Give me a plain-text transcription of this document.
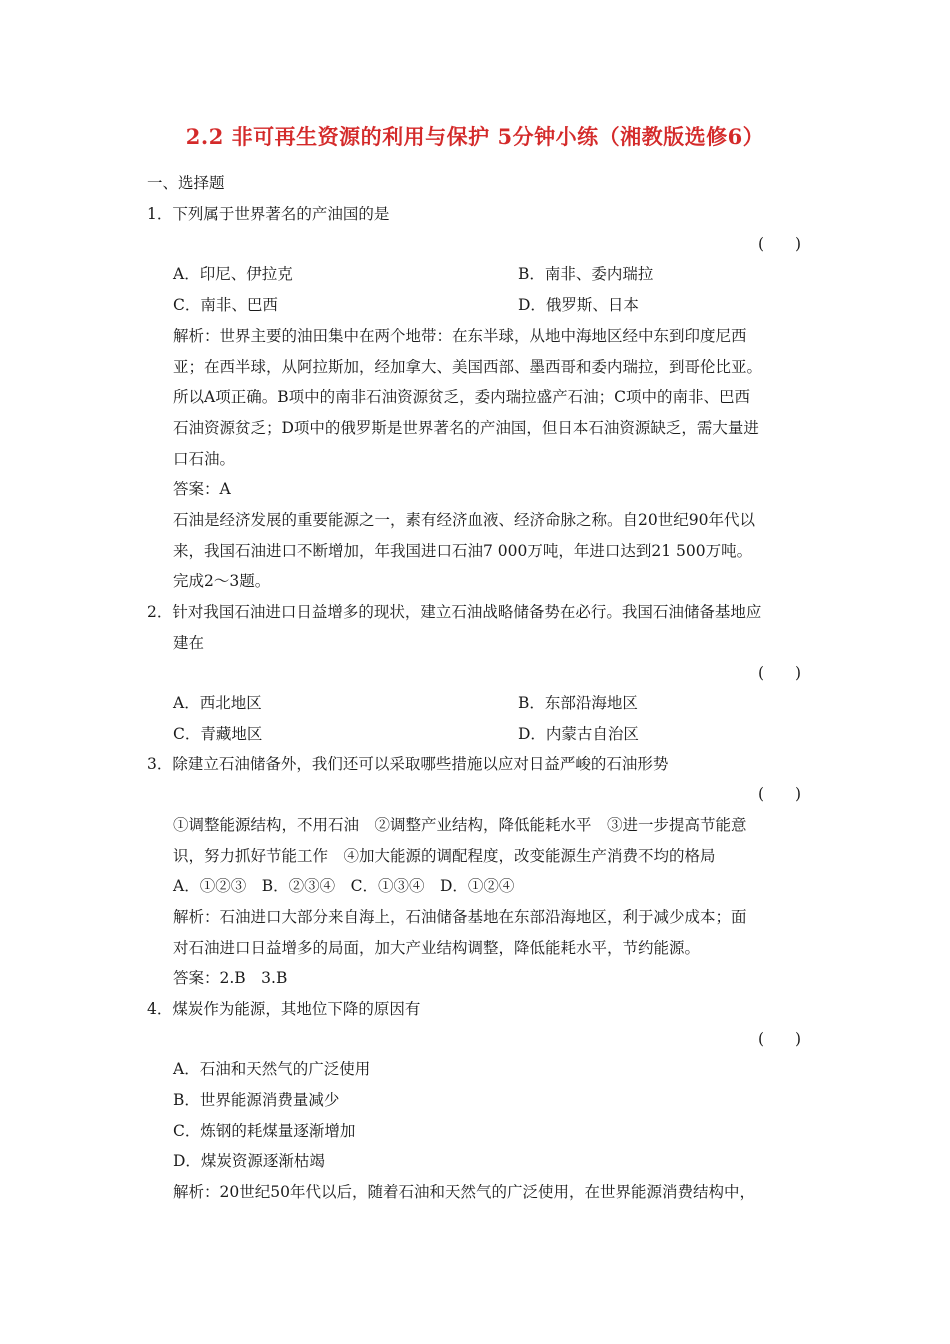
2.2 非可再生资源的利用与保护 5分钟小练（湘教版选修6）
一、选择题
1．下列属于世界著名的产油国的是
(　　)
A．印尼、伊拉克	B．南非、委内瑞拉
C．南非、巴西	D．俄罗斯、日本
解析：世界主要的油田集中在两个地带：在东半球，从地中海地区经中东到印度尼西
亚；在西半球，从阿拉斯加，经加拿大、美国西部、墨西哥和委内瑞拉，到哥伦比亚。
所以A项正确。B项中的南非石油资源贫乏，委内瑞拉盛产石油；C项中的南非、巴西
石油资源贫乏；D项中的俄罗斯是世界著名的产油国，但日本石油资源缺乏，需大量进
口石油。
答案：A
石油是经济发展的重要能源之一，素有经济血液、经济命脉之称。自20世纪90年代以
来，我国石油进口不断增加，年我国进口石油7 000万吨，年进口达到21 500万吨。
完成2～3题。
2．针对我国石油进口日益增多的现状，建立石油战略储备势在必行。我国石油储备基地应
建在
(　　)
A．西北地区	B．东部沿海地区
C．青藏地区	D．内蒙古自治区
3．除建立石油储备外，我们还可以采取哪些措施以应对日益严峻的石油形势
(　　)
①调整能源结构，不用石油　②调整产业结构，降低能耗水平　③进一步提高节能意
识，努力抓好节能工作　④加大能源的调配程度，改变能源生产消费不均的格局
A．①②③　B．②③④　C．①③④　D．①②④
解析：石油进口大部分来自海上，石油储备基地在东部沿海地区，利于减少成本；面
对石油进口日益增多的局面，加大产业结构调整，降低能耗水平，节约能源。
答案：2.B　3.B
4．煤炭作为能源，其地位下降的原因有
(　　)
A．石油和天然气的广泛使用
B．世界能源消费量减少
C．炼钢的耗煤量逐渐增加
D．煤炭资源逐渐枯竭
解析：20世纪50年代以后，随着石油和天然气的广泛使用，在世界能源消费结构中，
